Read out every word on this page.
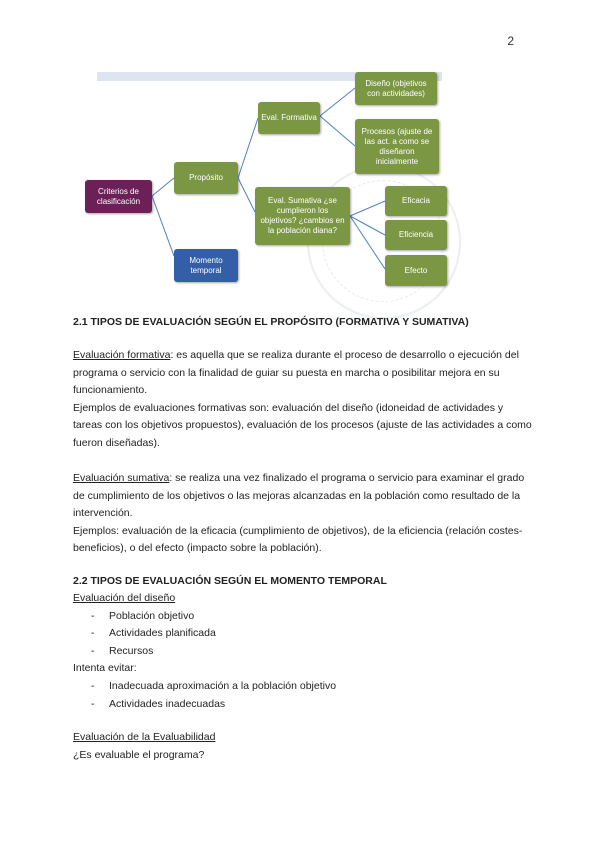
2
Criterios de clasificación
Propósito
Momento temporal
Eval. Formativa
Eval. Sumativa ¿se cumplieron los objetivos? ¿cambios en la población diana?
Diseño (objetivos con actividades)
Procesos (ajuste de las act. a como se diseñaron inicialmente
Eficacia
Eficiencia
Efecto

2.1 TIPOS DE EVALUACIÓN SEGÚN EL PROPÓSITO (FORMATIVA Y SUMATIVA)

Evaluación formativa: es aquella que se realiza durante el proceso de desarrollo o ejecución del programa o servicio con la finalidad de guiar su puesta en marcha o posibilitar mejora en su funcionamiento.

Ejemplos de evaluaciones formativas son: evaluación del diseño (idoneidad de actividades y tareas con los objetivos propuestos), evaluación de los procesos (ajuste de las actividades a como fueron diseñadas).

Evaluación sumativa: se realiza una vez finalizado el programa o servicio para examinar el grado de cumplimiento de los objetivos o las mejoras alcanzadas en la población como resultado de la intervención.

Ejemplos: evaluación de la eficacia (cumplimiento de objetivos), de la eficiencia (relación costes-beneficios), o del efecto (impacto sobre la población).

2.2 TIPOS DE EVALUACIÓN SEGÚN EL MOMENTO TEMPORAL

Evaluación del diseño

- Población objetivo
- Actividades planificada
- Recursos

Intenta evitar:

- Inadecuada aproximación a la población objetivo
- Actividades inadecuadas

Evaluación de la Evaluabilidad

¿Es evaluable el programa?
